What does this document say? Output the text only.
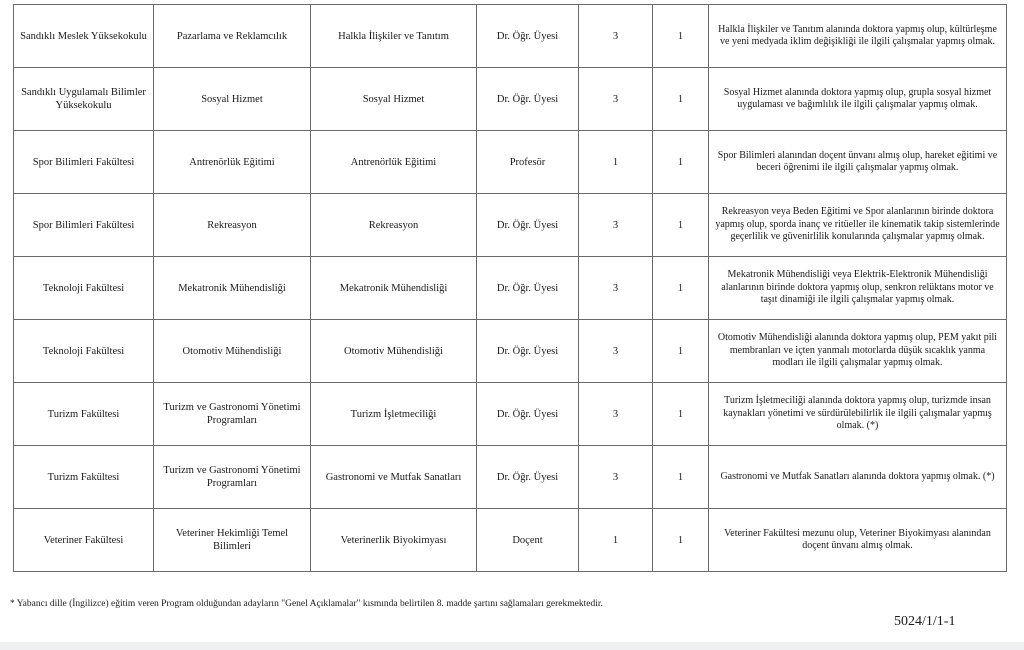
Sandıklı Meslek Yüksekokulu	Pazarlama ve Reklamcılık	Halkla İlişkiler ve Tanıtım	Dr. Öğr. Üyesi	3	1	Halkla İlişkiler ve Tanıtım alanında doktora yapmış olup, kültürleşme ve yeni medyada iklim değişikliği ile ilgili çalışmalar yapmış olmak.
Sandıklı Uygulamalı Bilimler Yüksekokulu	Sosyal Hizmet	Sosyal Hizmet	Dr. Öğr. Üyesi	3	1	Sosyal Hizmet alanında doktora yapmış olup, grupla sosyal hizmet uygulaması ve bağımlılık ile ilgili çalışmalar yapmış olmak.
Spor Bilimleri Fakültesi	Antrenörlük Eğitimi	Antrenörlük Eğitimi	Profesör	1	1	Spor Bilimleri alanından doçent ünvanı almış olup, hareket eğitimi ve beceri öğrenimi ile ilgili çalışmalar yapmış olmak.
Spor Bilimleri Fakültesi	Rekreasyon	Rekreasyon	Dr. Öğr. Üyesi	3	1	Rekreasyon veya Beden Eğitimi ve Spor alanlarının birinde doktora yapmış olup, sporda inanç ve ritüeller ile kinematik takip sistemlerinde geçerlilik ve güvenirlilik konularında çalışmalar yapmış olmak.
Teknoloji Fakültesi	Mekatronik Mühendisliği	Mekatronik Mühendisliği	Dr. Öğr. Üyesi	3	1	Mekatronik Mühendisliği veya Elektrik-Elektronik Mühendisliği alanlarının birinde doktora yapmış olup, senkron relüktans motor ve taşıt dinamiği ile ilgili çalışmalar yapmış olmak.
Teknoloji Fakültesi	Otomotiv Mühendisliği	Otomotiv Mühendisliği	Dr. Öğr. Üyesi	3	1	Otomotiv Mühendisliği alanında doktora yapmış olup, PEM yakıt pili membranları ve içten yanmalı motorlarda düşük sıcaklık yanma modları ile ilgili çalışmalar yapmış olmak.
Turizm Fakültesi	Turizm ve Gastronomi Yönetimi Programları	Turizm İşletmeciliği	Dr. Öğr. Üyesi	3	1	Turizm İşletmeciliği alanında doktora yapmış olup, turizmde insan kaynakları yönetimi ve sürdürülebilirlik ile ilgili çalışmalar yapmış olmak. (*)
Turizm Fakültesi	Turizm ve Gastronomi Yönetimi Programları	Gastronomi ve Mutfak Sanatları	Dr. Öğr. Üyesi	3	1	Gastronomi ve Mutfak Sanatları alanında doktora yapmış olmak. (*)
Veteriner Fakültesi	Veteriner Hekimliği Temel Bilimleri	Veterinerlik Biyokimyası	Doçent	1	1	Veteriner Fakültesi mezunu olup, Veteriner Biyokimyası alanından doçent ünvanı almış olmak.
* Yabancı dille (İngilizce) eğitim veren Program olduğundan adayların "Genel Açıklamalar" kısmında belirtilen 8. madde şartını sağlamaları gerekmektedir.
5024/1/1-1
